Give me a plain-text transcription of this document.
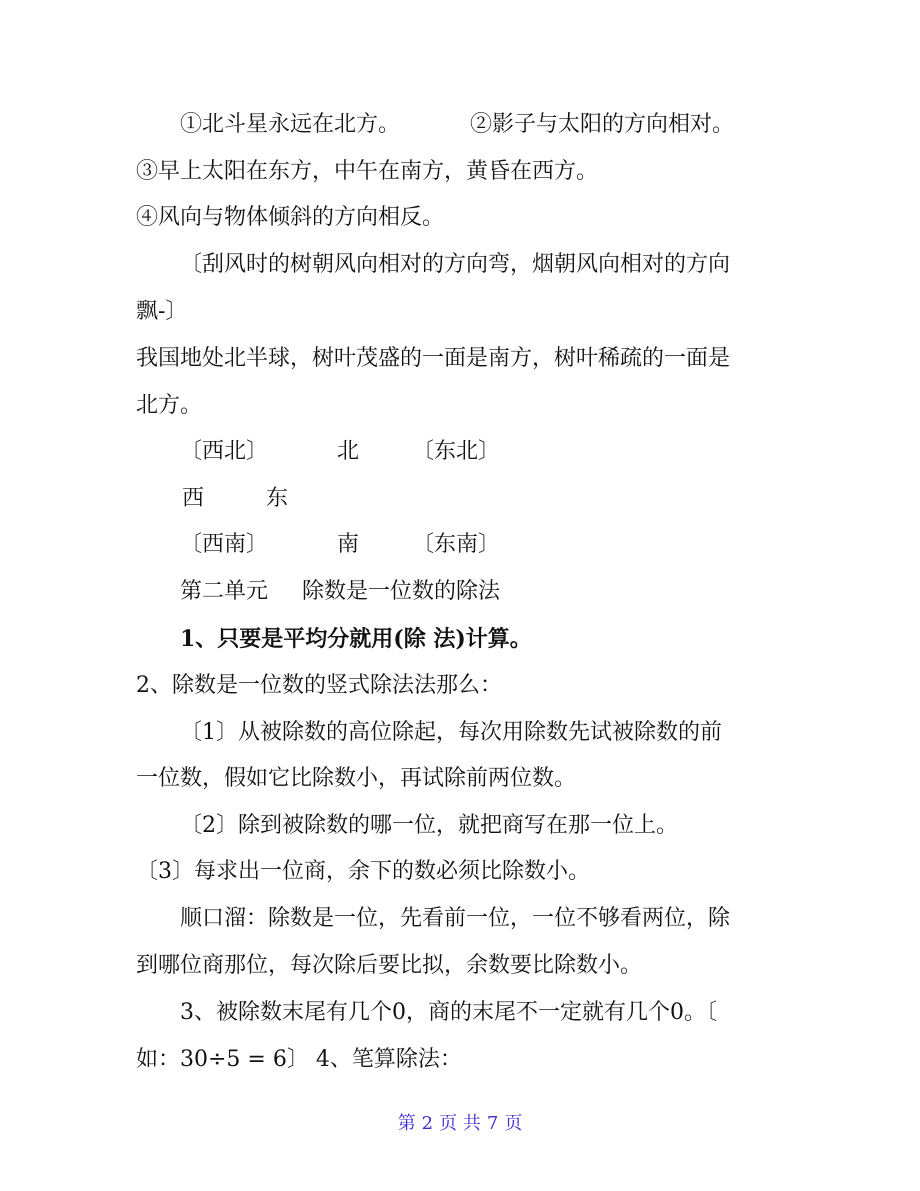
①北斗星永远在北方。	②影子与太阳的方向相对。
③早上太阳在东方，中午在南方，黄昏在西方。
④风向与物体倾斜的方向相反。
〔刮风时的树朝风向相对的方向弯，烟朝风向相对的方向
飘-〕
我国地处北半球，树叶茂盛的一面是南方，树叶稀疏的一面是
北方。
〔西北〕	北 〔东北〕
西	东
〔西南〕	南 〔东南〕
第二单元 除数是一位数的除法
1、只要是平均分就用(除 法)计算。
2、除数是一位数的竖式除法法那么：
〔1〕从被除数的高位除起，每次用除数先试被除数的前
一位数，假如它比除数小，再试除前两位数。
〔2〕除到被除数的哪一位，就把商写在那一位上。
〔3〕每求出一位商，余下的数必须比除数小。
顺口溜：除数是一位，先看前一位，一位不够看两位，除
到哪位商那位，每次除后要比拟，余数要比除数小。
3、被除数末尾有几个0，商的末尾不一定就有几个0。〔
如：30÷5 = 6〕 4、笔算除法：
第 2 页 共 7 页
